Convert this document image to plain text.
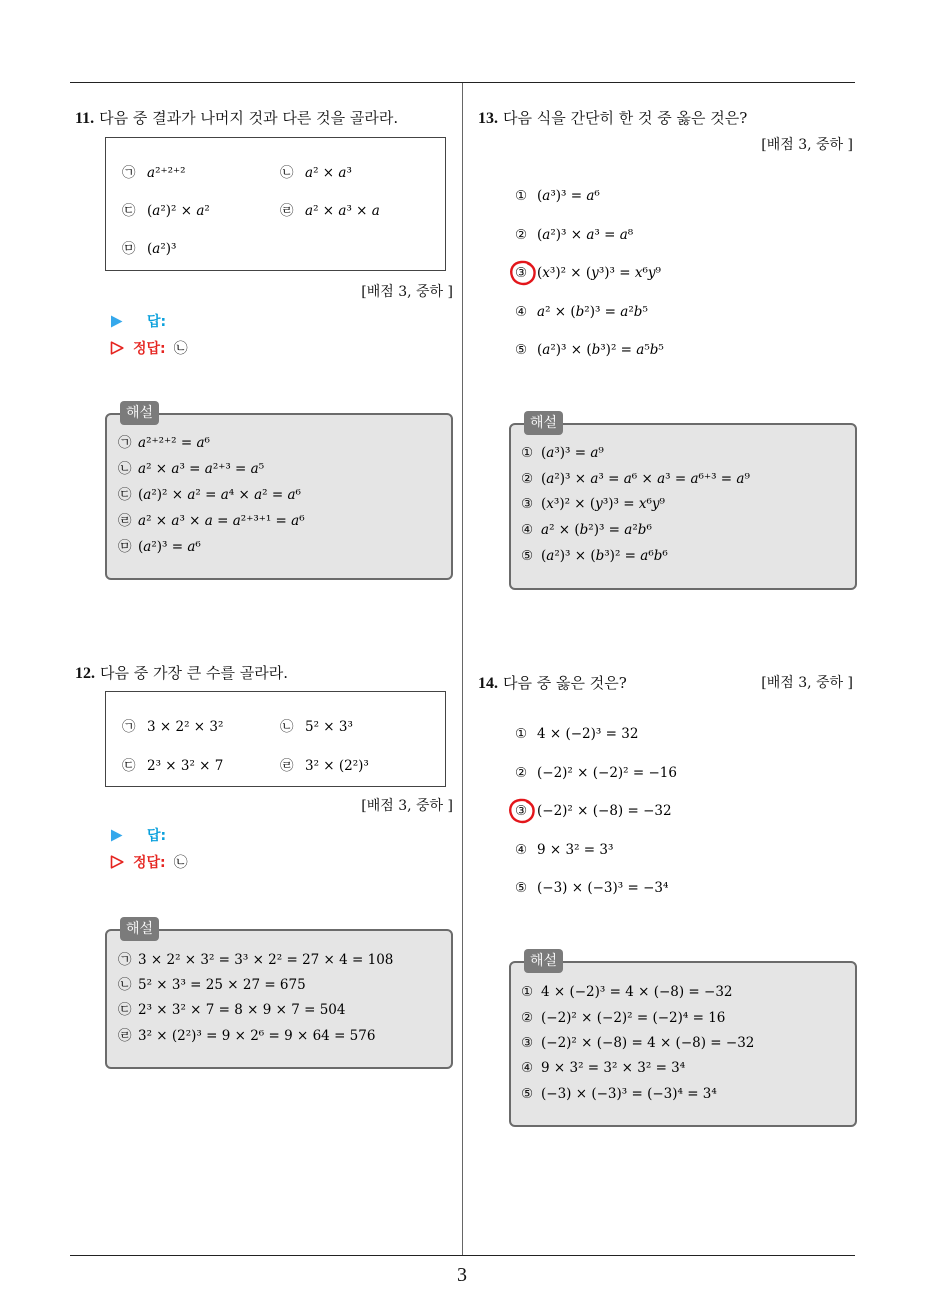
11. 다음 중 결과가 나머지 것과 다른 것을 골라라.
㉠ a²⁺²⁺²	㉡ a² × a³
㉢ (a²)² × a²	㉣ a² × a³ × a
㉤ (a²)³
[배점 3, 중하 ]
답:
정답: ㉡
해설
㉠ a²⁺²⁺² = a⁶
㉡ a² × a³ = a²⁺³ = a⁵
㉢ (a²)² × a² = a⁴ × a² = a⁶
㉣ a² × a³ × a = a²⁺³⁺¹ = a⁶
㉤ (a²)³ = a⁶
12. 다음 중 가장 큰 수를 골라라.
㉠ 3 × 2² × 3²	㉡ 5² × 3³
㉢ 2³ × 3² × 7	㉣ 3² × (2²)³
[배점 3, 중하 ]
답:
정답: ㉡
해설
㉠ 3 × 2² × 3² = 3³ × 2² = 27 × 4 = 108
㉡ 5² × 3³ = 25 × 27 = 675
㉢ 2³ × 3² × 7 = 8 × 9 × 7 = 504
㉣ 3² × (2²)³ = 9 × 2⁶ = 9 × 64 = 576
13. 다음 식을 간단히 한 것 중 옳은 것은?
[배점 3, 중하 ]
① (a³)³ = a⁶
② (a²)³ × a³ = a⁸
③ (x³)² × (y³)³ = x⁶y⁹
④ a² × (b²)³ = a²b⁵
⑤ (a²)³ × (b³)² = a⁵b⁵
해설
① (a³)³ = a⁹
② (a²)³ × a³ = a⁶ × a³ = a⁶⁺³ = a⁹
③ (x³)² × (y³)³ = x⁶y⁹
④ a² × (b²)³ = a²b⁶
⑤ (a²)³ × (b³)² = a⁶b⁶
14. 다음 중 옳은 것은?	[배점 3, 중하 ]
① 4 × (−2)³ = 32
② (−2)² × (−2)² = −16
③ (−2)² × (−8) = −32
④ 9 × 3² = 3³
⑤ (−3) × (−3)³ = −3⁴
해설
① 4 × (−2)³ = 4 × (−8) = −32
② (−2)² × (−2)² = (−2)⁴ = 16
③ (−2)² × (−8) = 4 × (−8) = −32
④ 9 × 3² = 3² × 3² = 3⁴
⑤ (−3) × (−3)³ = (−3)⁴ = 3⁴
3
